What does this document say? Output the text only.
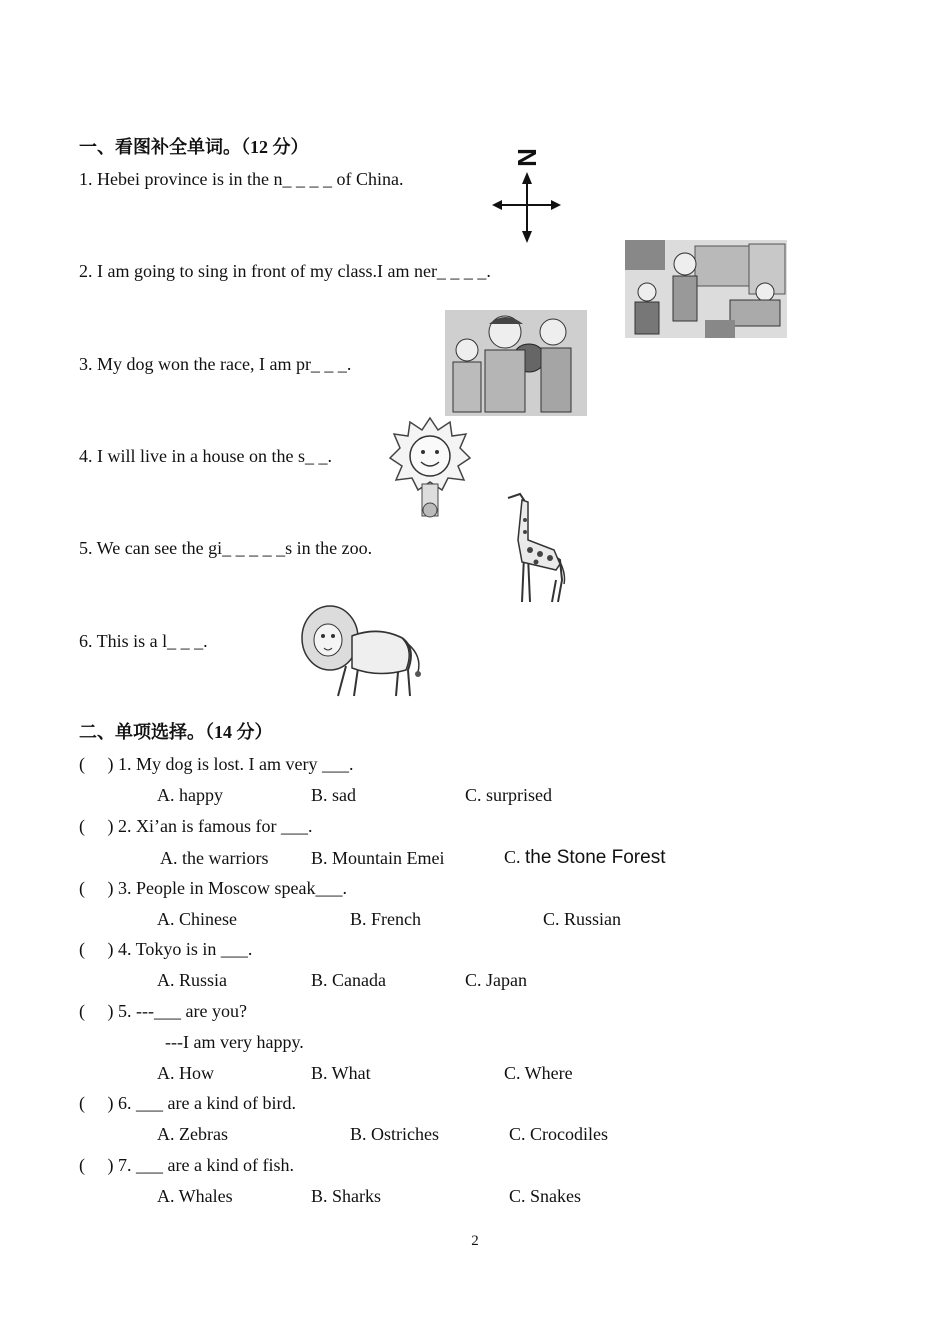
一、看图补全单词。（12 分）
1. Hebei province is in the n_ _ _ _ of China.
2. I am going to sing in front of my class.I am ner_ _ _ _.
3. My dog won the race, I am pr_ _ _.
4. I will live in a house on the s_ _.
5. We can see the gi_ _ _ _ _s in the zoo.
6. This is a l_ _ _.
N
二、单项选择。（14 分）
(     ) 1. My dog is lost. I am very ___.
A. happy	B. sad	C. surprised
(     ) 2. Xi’an is famous for ___.
A. the warriors B. Mountain Emei	C. the Stone Forest
(     ) 3. People in Moscow speak___.
A. Chinese	B. French	C. Russian
(     ) 4. Tokyo is in ___.
A. Russia	B. Canada	C. Japan
(     ) 5. ---___ are you?
---I am very happy.
A. How	B. What	C. Where
(     ) 6. ___ are a kind of bird.
A. Zebras	B. Ostriches	C. Crocodiles
(     ) 7. ___ are a kind of fish.
A. Whales	B. Sharks	C. Snakes
2
